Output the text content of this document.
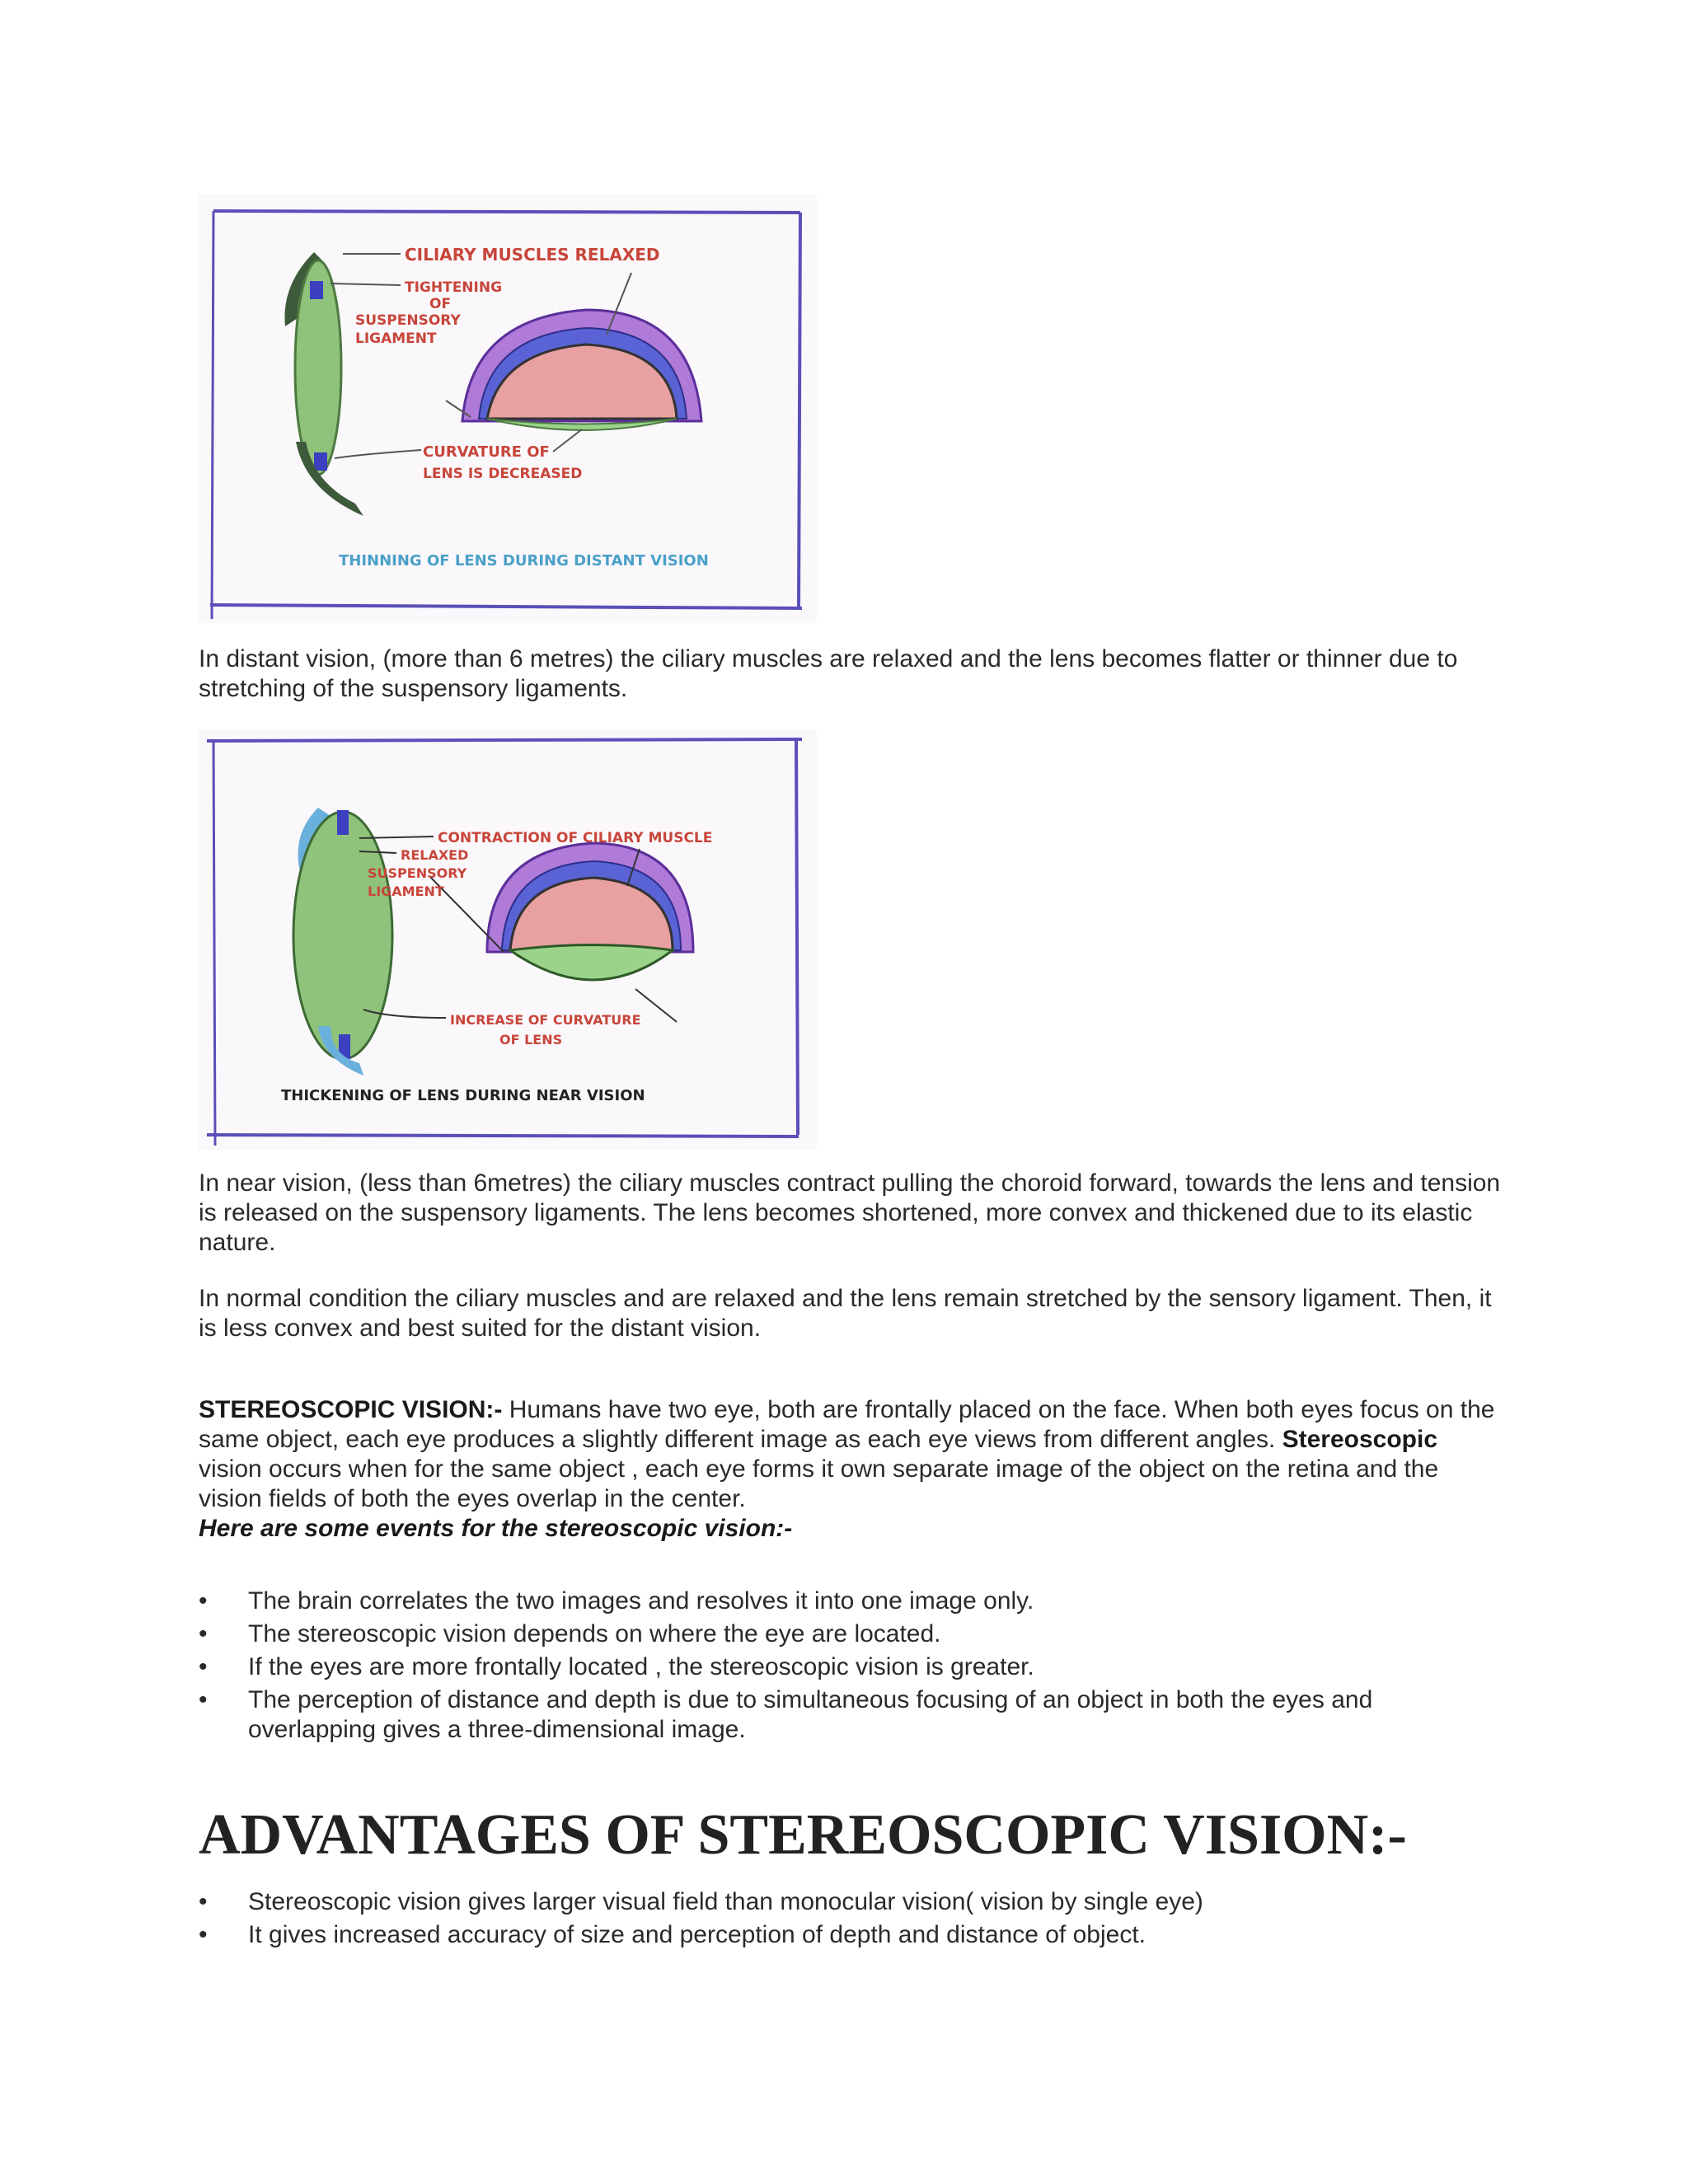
CILIARY MUSCLES RELAXED
TIGHTENING
OF
SUSPENSORY
LIGAMENT
CURVATURE OF
LENS IS DECREASED
THINNING OF LENS DURING DISTANT VISION

In distant vision, (more than 6 metres) the ciliary muscles are relaxed and the lens becomes flatter or thinner due to stretching of the suspensory ligaments.

CONTRACTION OF CILIARY MUSCLE
RELAXED
SUSPENSORY
LIGAMENT
INCREASE OF CURVATURE
OF LENS
THICKENING OF LENS DURING NEAR VISION

In near vision, (less than 6metres) the ciliary muscles contract pulling the choroid forward, towards the lens and tension is released on the suspensory ligaments. The lens becomes shortened, more convex and thickened due to its elastic nature.

In normal condition the ciliary muscles and are relaxed and the lens remain stretched by the sensory ligament. Then, it is less convex and best suited for the distant vision.

STEREOSCOPIC VISION:- Humans have two eye, both are frontally placed on the face. When both eyes focus on the same object, each eye produces a slightly different image as each eye views from different angles. Stereoscopic vision occurs when for the same object , each eye forms it own separate image of the object on the retina and the vision fields of both the eyes overlap in the center.
Here are some events for the stereoscopic vision:-

• The brain correlates the two images and resolves it into one image only.
• The stereoscopic vision depends on where the eye are located.
• If the eyes are more frontally located , the stereoscopic vision is greater.
• The perception of distance and depth is due to simultaneous focusing of an object in both the eyes and overlapping gives a three-dimensional image.
ADVANTAGES OF STEREOSCOPIC VISION:-
• Stereoscopic vision gives larger visual field than monocular vision( vision by single eye)
• It gives increased accuracy of size and perception of depth and distance of object.
